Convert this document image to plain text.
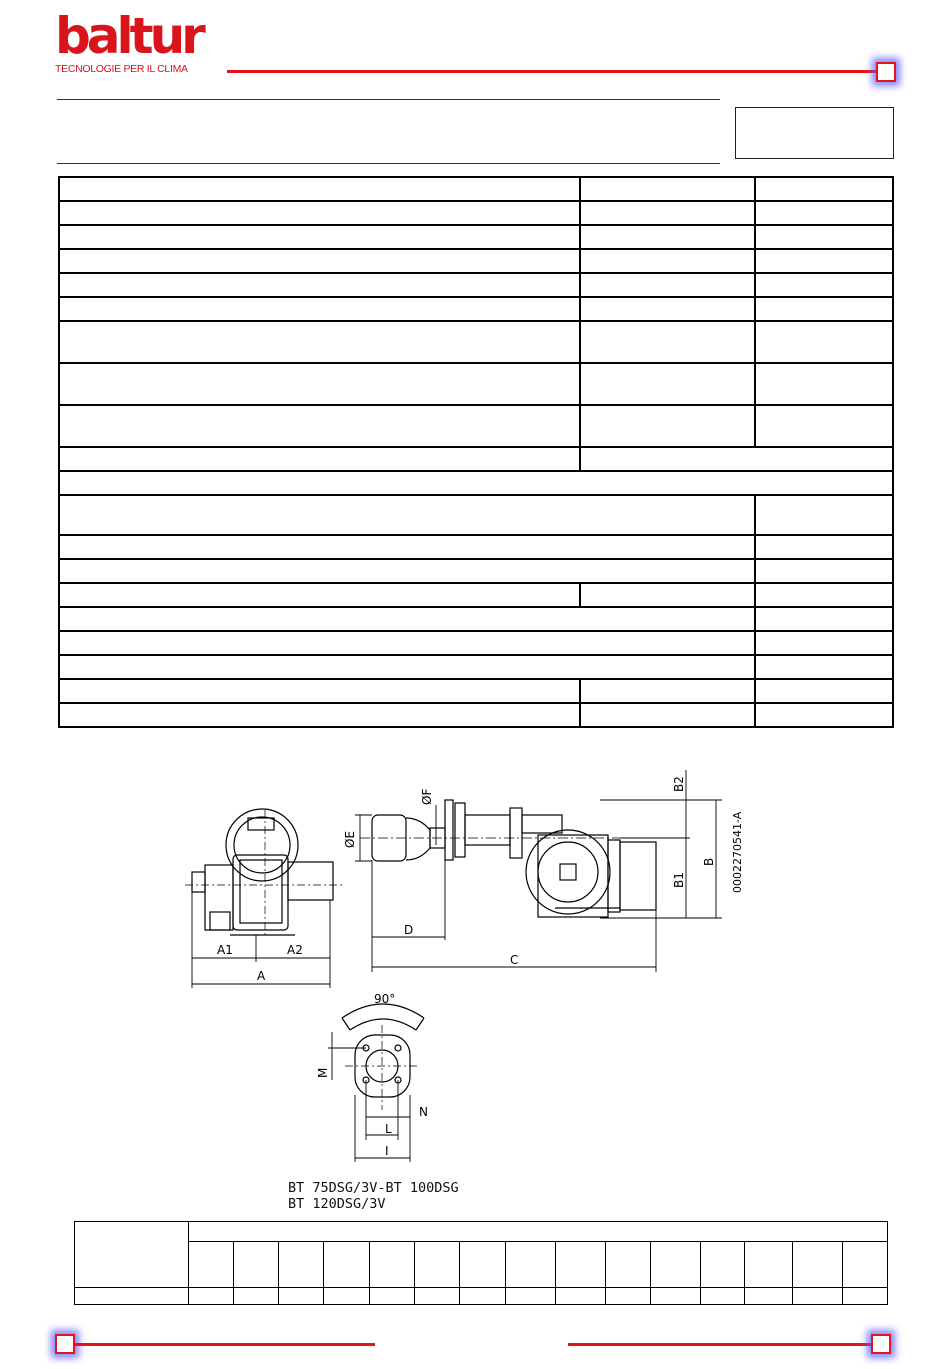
baltur
TECNOLOGIE PER IL CLIMA

A1	A2
A
D
C
ØE
ØF
B2
B1
B 0002270541-A
90°
M
N
L
I
BT 75DSG/3V-BT 100DSG
BT 120DSG/3V
